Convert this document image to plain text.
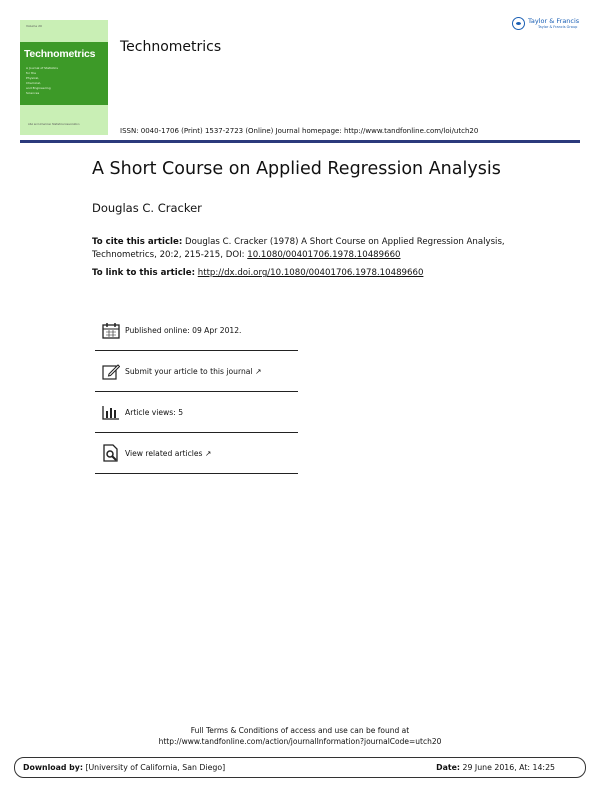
Volume 20
Technometrics
A Journal of Statistics
for the
Physical,
Chemical,
and Engineering
Sciences
ASA and American Statistical Association
Technometrics
Taylor & Francis
Taylor & Francis Group
ISSN: 0040-1706 (Print) 1537-2723 (Online) Journal homepage: http://www.tandfonline.com/loi/utch20
A Short Course on Applied Regression Analysis
Douglas C. Cracker
To cite this article: Douglas C. Cracker (1978) A Short Course on Applied Regression Analysis, Technometrics, 20:2, 215-215, DOI: 10.1080/00401706.1978.10489660
To link to this article: http://dx.doi.org/10.1080/00401706.1978.10489660
Published online: 09 Apr 2012.
Submit your article to this journal
↗
Article views: 5
View related articles
↗
Full Terms & Conditions of access and use can be found at
http://www.tandfonline.com/action/journalInformation?journalCode=utch20
Download by: [University of California, San Diego]	Date: 29 June 2016, At: 14:25
